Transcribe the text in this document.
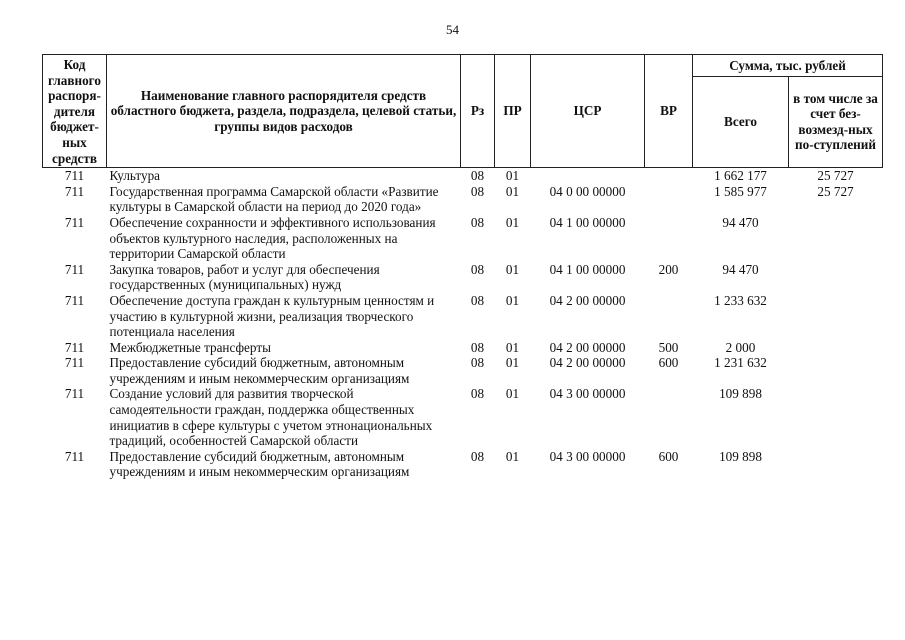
54
Код главного распоря-дителя бюджет-ных средств	Наименование главного распорядителя средств областного бюджета, раздела, подраздела, целевой статьи, группы видов расходов	Рз	ПР	ЦСР	ВР	Сумма, тыс. рублей	
						Всего	в том числе за счет без-возмезд-ных по-ступлений
711	Культура	08	01			1 662 177	25 727
711	Государственная программа Самарской области «Развитие культуры в Самарской области на период до 2020 года»	08	01	04 0 00 00000		1 585 977	25 727
711	Обеспечение сохранности и эффективного использования объектов культурного наследия, расположенных на территории Самарской области	08	01	04 1 00 00000		94 470	
711	Закупка товаров, работ и услуг для обеспечения государственных (муниципальных) нужд	08	01	04 1 00 00000	200	94 470	
711	Обеспечение доступа граждан к культурным ценностям и участию в культурной жизни, реализация творческого потенциала населения	08	01	04 2 00 00000		1 233 632	
711	Межбюджетные трансферты	08	01	04 2 00 00000	500	2 000	
711	Предоставление субсидий бюджетным, автономным учреждениям и иным некоммерческим организациям	08	01	04 2 00 00000	600	1 231 632	
711	Создание условий для развития творческой самодеятельности граждан, поддержка общественных инициатив в сфере культуры с учетом этнонациональных традиций, особенностей Самарской области	08	01	04 3 00 00000		109 898	
711	Предоставление субсидий бюджетным, автономным учреждениям и иным некоммерческим организациям	08	01	04 3 00 00000	600	109 898	
